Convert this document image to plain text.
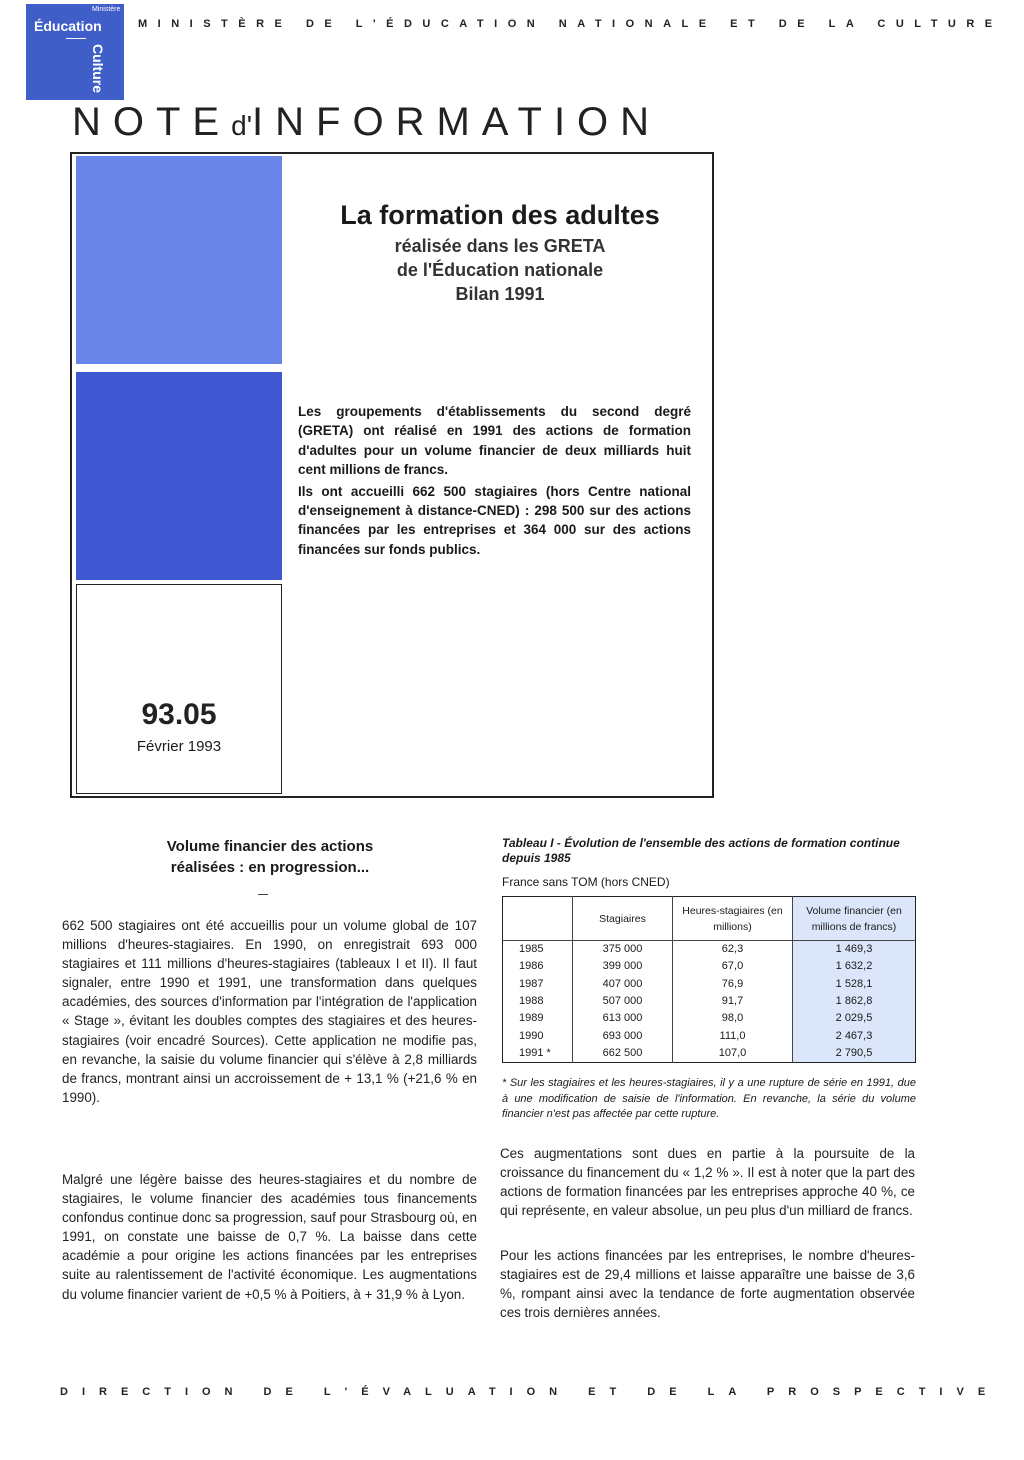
Ministère
Éducation
Culture
MINISTÈRE DE L'ÉDUCATION NATIONALE ET DE LA CULTURE
NOTEd'INFORMATION
93.05
Février 1993
La formation des adultes
réalisée dans les GRETA
de l'Éducation nationale
Bilan 1991

Les groupements d'établissements du second degré (GRETA) ont réalisé en 1991 des actions de formation d'adultes pour un volume financier de deux milliards huit cent millions de francs.

Ils ont accueilli 662 500 stagiaires (hors Centre national d'enseignement à distance-CNED) : 298 500 sur des actions financées par les entreprises et 364 000 sur des actions financées sur fonds publics.

Volume financier des actions
réalisées : en progression...

662 500 stagiaires ont été accueillis pour un volume global de 107 millions d'heures-stagiaires. En 1990, on enregistrait 693 000 stagiaires et 111 millions d'heures-stagiaires (tableaux I et II). Il faut signaler, entre 1990 et 1991, une transformation dans quelques académies, des sources d'information par l'intégration de l'application « Stage », évitant les doubles comptes des stagiaires et des heures-stagiaires (voir encadré Sources). Cette application ne modifie pas, en revanche, la saisie du volume financier qui s'élève à 2,8 milliards de francs, montrant ainsi un accroissement de + 13,1 % (+21,6 % en 1990).

Malgré une légère baisse des heures-stagiaires et du nombre de stagiaires, le volume financier des académies tous financements confondus continue donc sa progression, sauf pour Strasbourg où, en 1991, on constate une baisse de 0,7 %. La baisse dans cette académie a pour origine les actions financées par les entreprises suite au ralentissement de l'activité économique. Les augmentations du volume financier varient de +0,5 % à Poitiers, à + 31,9 % à Lyon.

Tableau I - Évolution de l'ensemble des actions de formation continue depuis 1985
France sans TOM (hors CNED)
	Stagiaires	Heures-stagiaires (en millions)	Volume financier (en millions de francs)
1985	375 000	62,3	1 469,3
1986	399 000	67,0	1 632,2
1987	407 000	76,9	1 528,1
1988	507 000	91,7	1 862,8
1989	613 000	98,0	2 029,5
1990	693 000	111,0	2 467,3
1991 *	662 500	107,0	2 790,5
* Sur les stagiaires et les heures-stagiaires, il y a une rupture de série en 1991, due à une modification de saisie de l'information. En revanche, la série du volume financier n'est pas affectée par cette rupture.

Ces augmentations sont dues en partie à la poursuite de la croissance du financement du « 1,2 % ». Il est à noter que la part des actions de formation financées par les entreprises approche 40 %, ce qui représente, en valeur absolue, un peu plus d'un milliard de francs.

Pour les actions financées par les entreprises, le nombre d'heures-stagiaires est de 29,4 millions et laisse apparaître une baisse de 3,6 %, rompant ainsi avec la tendance de forte augmentation observée ces trois dernières années.

DIRECTION DE L'ÉVALUATION ET DE LA PROSPECTIVE
